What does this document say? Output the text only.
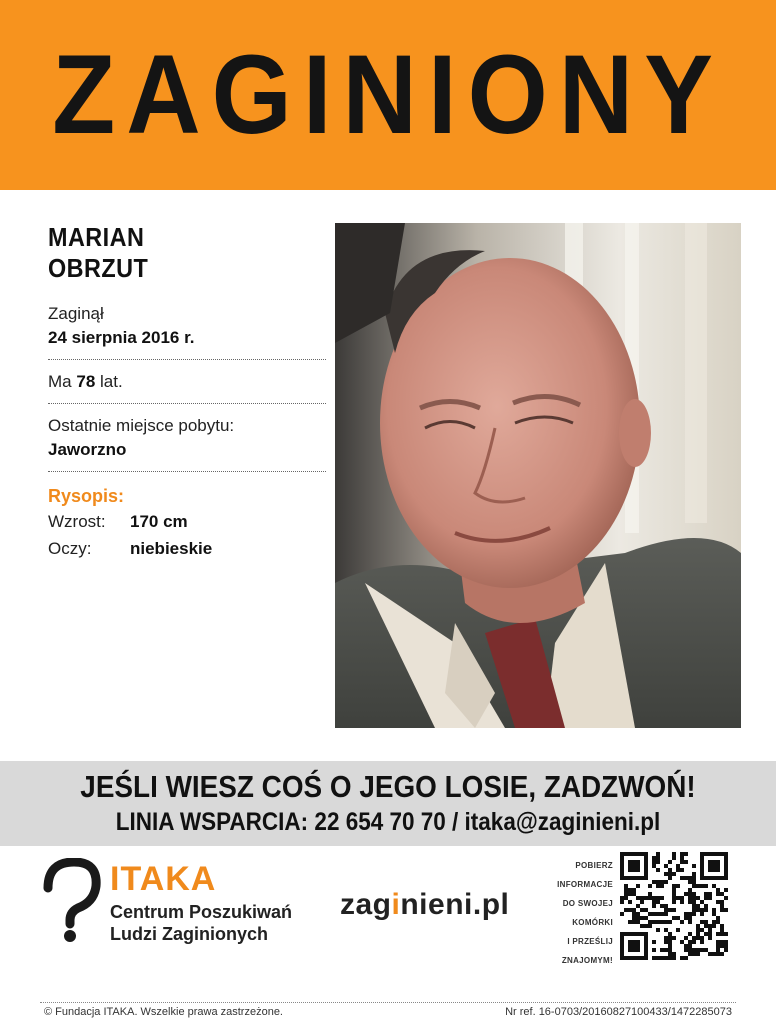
ZAGINIONY
MARIAN
OBRZUT
Zaginął
24 sierpnia 2016 r.
Ma 78 lat.
Ostatnie miejsce pobytu:
Jaworzno
Rysopis:
Wzrost:	170 cm
Oczy:	niebieskie
JEŚLI WIESZ COŚ O JEGO LOSIE, ZADZWOŃ!
LINIA WSPARCIA: 22 654 70 70 / itaka@zaginieni.pl
ITAKA
Centrum Poszukiwań
Ludzi Zaginionych
zaginieni.pl
POBIERZ
INFORMACJE
DO SWOJEJ
KOMÓRKI
I PRZEŚLIJ
ZNAJOMYM!
© Fundacja ITAKA. Wszelkie prawa zastrzeżone.	Nr ref. 16-0703/20160827100433/1472285073
